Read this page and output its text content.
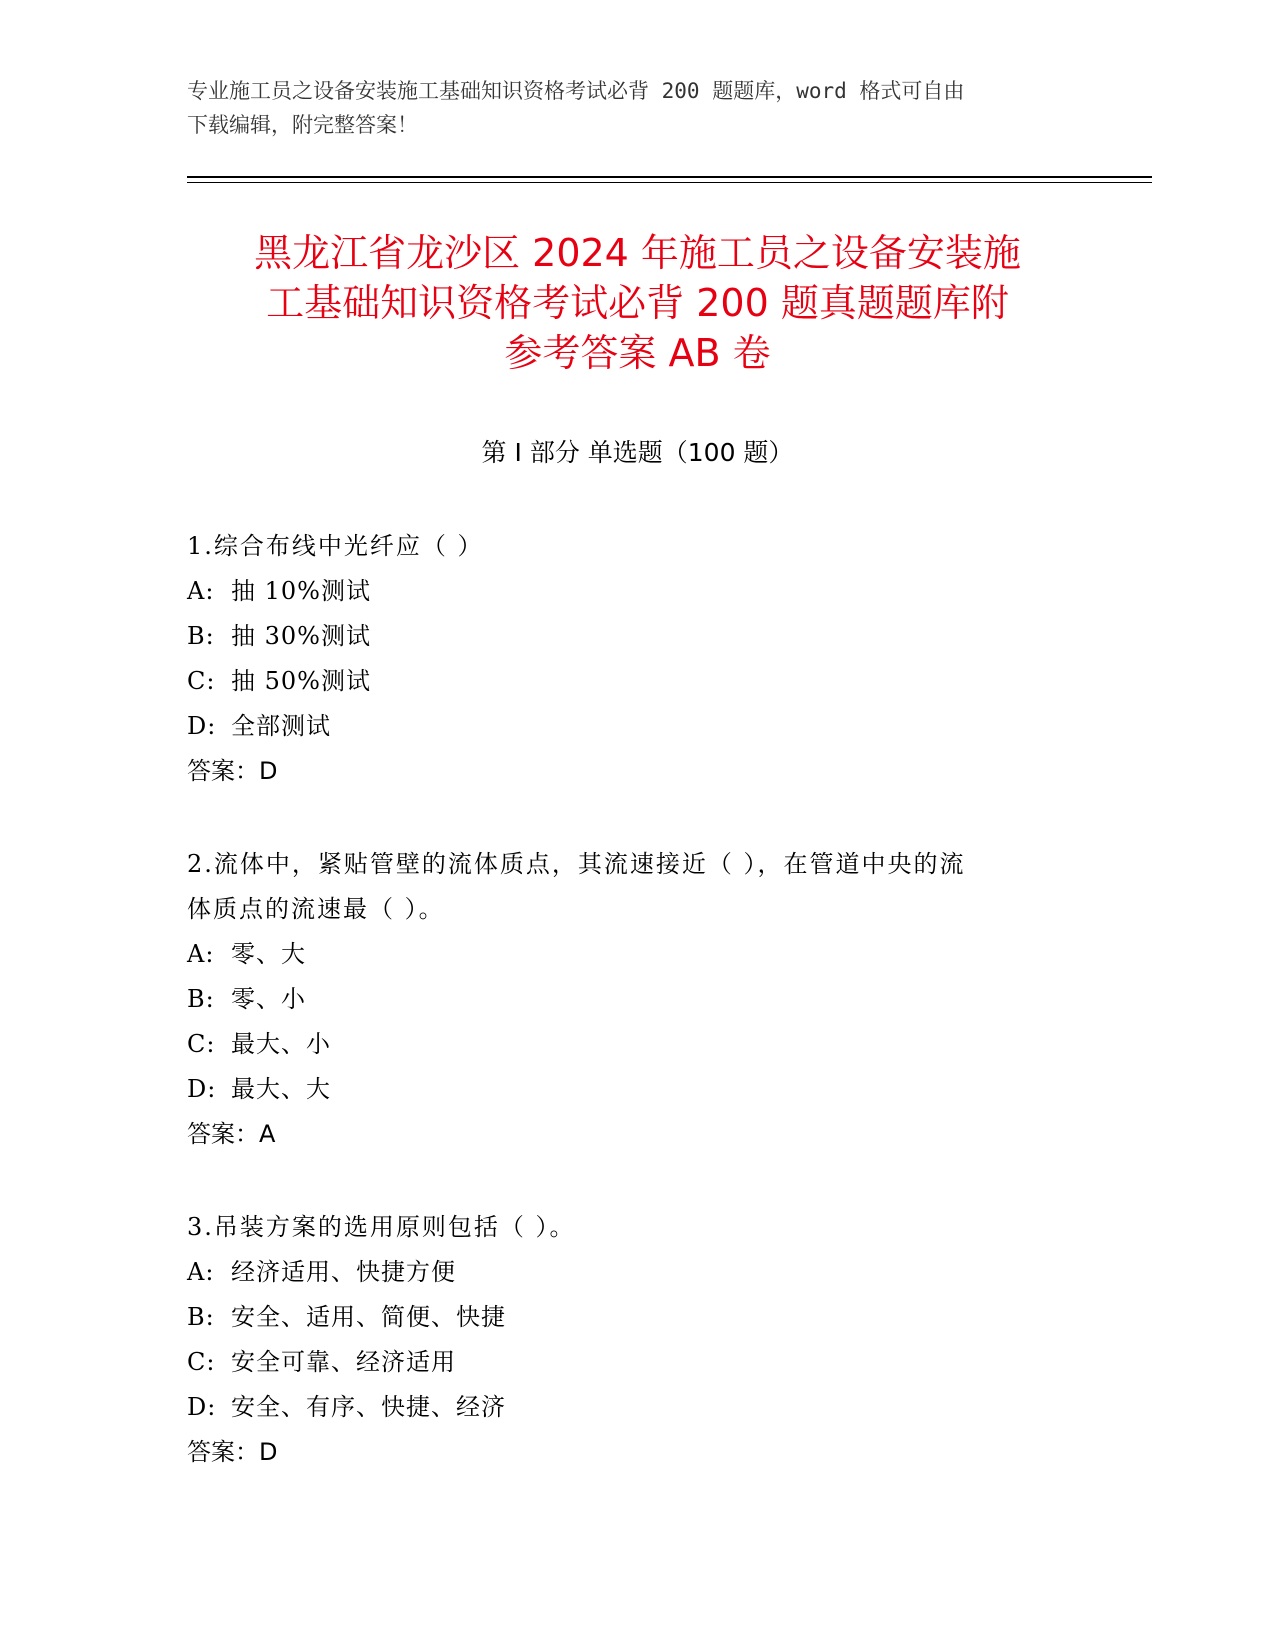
专业施工员之设备安装施工基础知识资格考试必背 200 题题库，word 格式可自由
下载编辑，附完整答案！
黑龙江省龙沙区 2024 年施工员之设备安装施
工基础知识资格考试必背 200 题真题题库附
参考答案 AB 卷
第 I 部分 单选题（100 题）

1.综合布线中光纤应（ ）

A: 抽 10%测试

B: 抽 30%测试

C: 抽 50%测试

D: 全部测试

答案：D

2.流体中，紧贴管壁的流体质点，其流速接近（ ），在管道中央的流

体质点的流速最（ ）。

A: 零、大

B: 零、小

C: 最大、小

D: 最大、大

答案：A

3.吊装方案的选用原则包括（ ）。

A: 经济适用、快捷方便

B: 安全、适用、简便、快捷

C: 安全可靠、经济适用

D: 安全、有序、快捷、经济

答案：D
